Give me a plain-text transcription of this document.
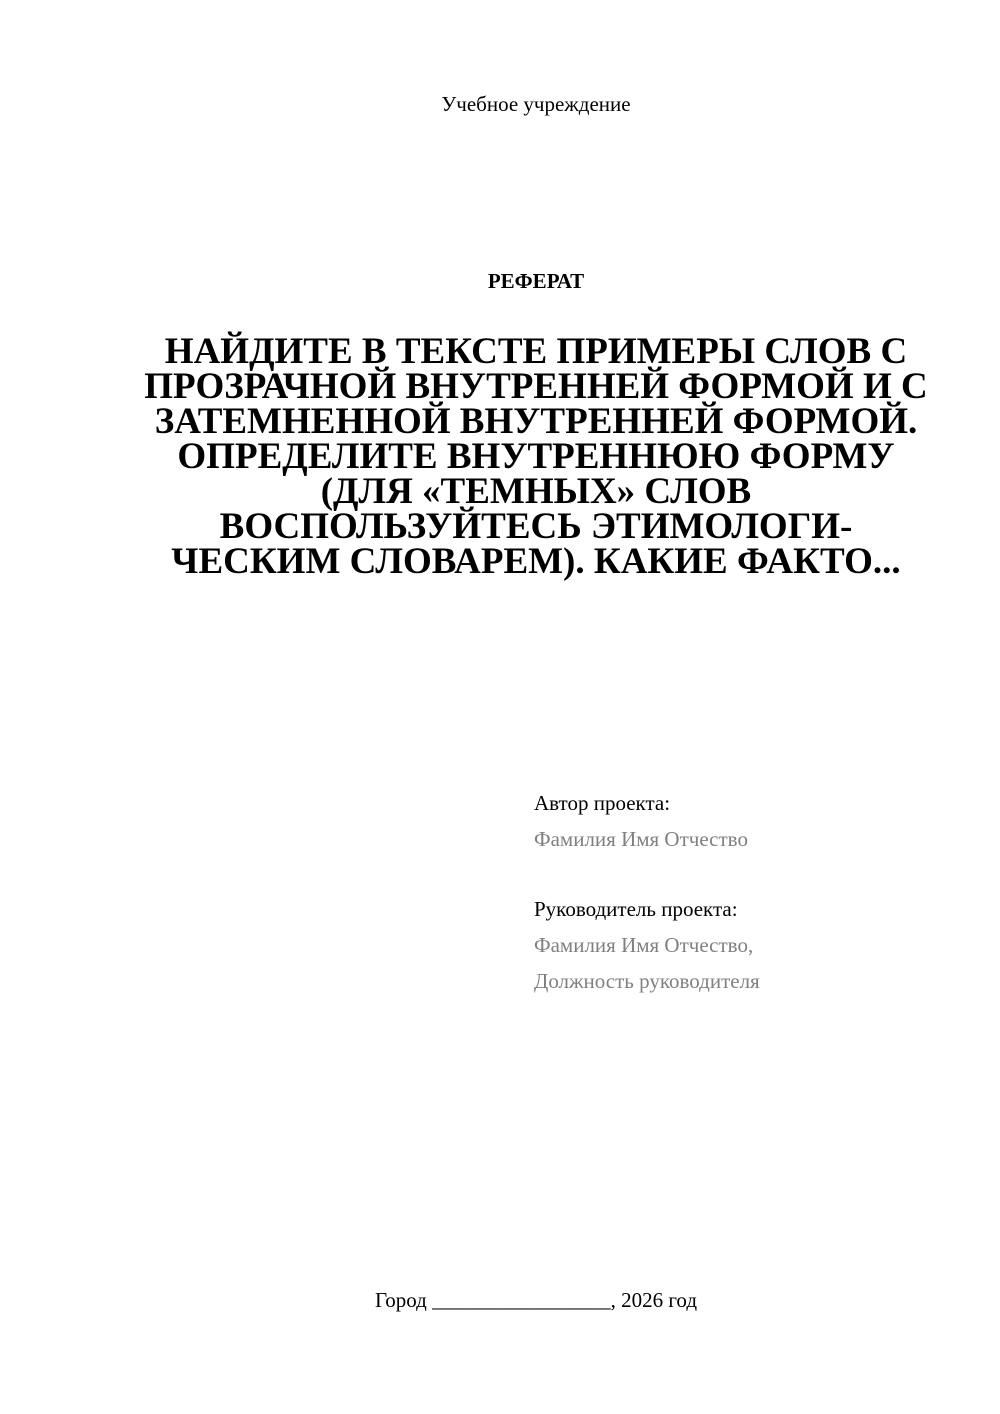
Учебное учреждение
РЕФЕРАТ
НАЙДИТЕ В ТЕКСТЕ ПРИМЕРЫ СЛОВ С ПРОЗРАЧНОЙ ВНУТРЕННЕЙ ФОРМОЙ И С ЗАТЕМНЕННОЙ ВНУТРЕННЕЙ ФОРМОЙ. ОПРЕДЕЛИТЕ ВНУТРЕННЮЮ ФОРМУ (ДЛЯ «ТЕМНЫХ» СЛОВ ВОСПОЛЬЗУЙТЕСЬ ЭТИМОЛОГИ-ЧЕСКИМ СЛОВАРЕМ). КАКИЕ ФАКТО...
Автор проекта:
Фамилия Имя Отчество
Руководитель проекта:
Фамилия Имя Отчество,
Должность руководителя
Город _________________, 2026 год
